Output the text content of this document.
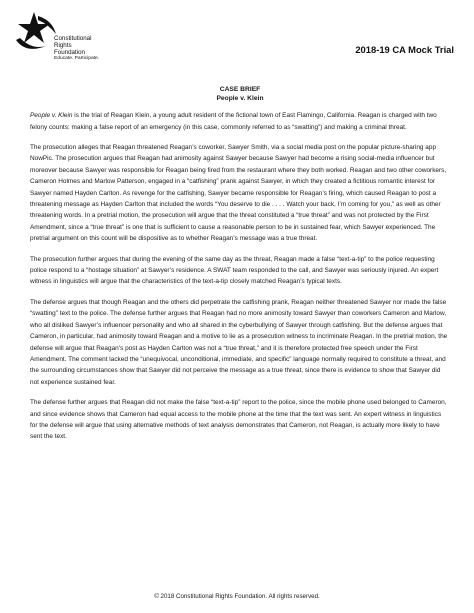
Constitutional
Rights
Foundation
Educate. Participate.
2018-19 CA Mock Trial
CASE BRIEF
People v. Klein

People v. Klein is the trial of Reagan Klein, a young adult resident of the fictional town of East Flamingo, California. Reagan is charged with two felony counts: making a false report of an emergency (in this case, commonly referred to as “swatting”) and making a criminal threat.

The prosecution alleges that Reagan threatened Reagan’s coworker, Sawyer Smith, via a social media post on the popular picture-sharing app NowPic. The prosecution argues that Reagan had animosity against Sawyer because Sawyer had become a rising social-media influencer but moreover because Sawyer was responsible for Reagan being fired from the restaurant where they both worked. Reagan and two other coworkers, Cameron Holmes and Marlow Patterson, engaged in a “catfishing” prank against Sawyer, in which they created a fictitious romantic interest for Sawyer named Hayden Carlton. As revenge for the catfishing, Sawyer became responsible for Reagan’s firing, which caused Reagan to post a threatening message as Hayden Carlton that included the words “You deserve to die . . . . Watch your back, I’m coming for you,” as well as other threatening words. In a pretrial motion, the prosecution will argue that the threat constituted a “true threat” and was not protected by the First Amendment, since a “true threat” is one that is sufficient to cause a reasonable person to be in sustained fear, which Sawyer experienced. The pretrial argument on this count will be dispositive as to whether Reagan’s message was a true threat.

The prosecution further argues that during the evening of the same day as the threat, Reagan made a false “text-a-tip” to the police requesting police respond to a “hostage situation” at Sawyer’s residence. A SWAT team responded to the call, and Sawyer was seriously injured. An expert witness in linguistics will argue that the characteristics of the text-a-tip closely matched Reagan’s typical texts.

The defense argues that though Reagan and the others did perpetrate the catfishing prank, Reagan neither threatened Sawyer nor made the false “swatting” text to the police. The defense further argues that Reagan had no more animosity toward Sawyer than coworkers Cameron and Marlow, who all disliked Sawyer’s influencer personality and who all shared in the cyberbullying of Sawyer through catfishing. But the defense argues that Cameron, in particular, had animosity toward Reagan and a motive to lie as a prosecution witness to incriminate Reagan. In the pretrial motion, the defense will argue that Reagan’s post as Hayden Carlton was not a “true threat,” and it is therefore protected free speech under the First Amendment. The comment lacked the “unequivocal, unconditional, immediate, and specific” language normally required to constitute a threat, and the surrounding circumstances show that Sawyer did not perceive the message as a true threat, since there is evidence to show that Sawyer did not experience sustained fear.

The defense further argues that Reagan did not make the false “text-a-tip” report to the police, since the mobile phone used belonged to Cameron, and since evidence shows that Cameron had equal access to the mobile phone at the time that the text was sent. An expert witness in linguistics for the defense will argue that using alternative methods of text analysis demonstrates that Cameron, not Reagan, is actually more likely to have sent the text.

© 2018 Constitutional Rights Foundation. All rights reserved.
